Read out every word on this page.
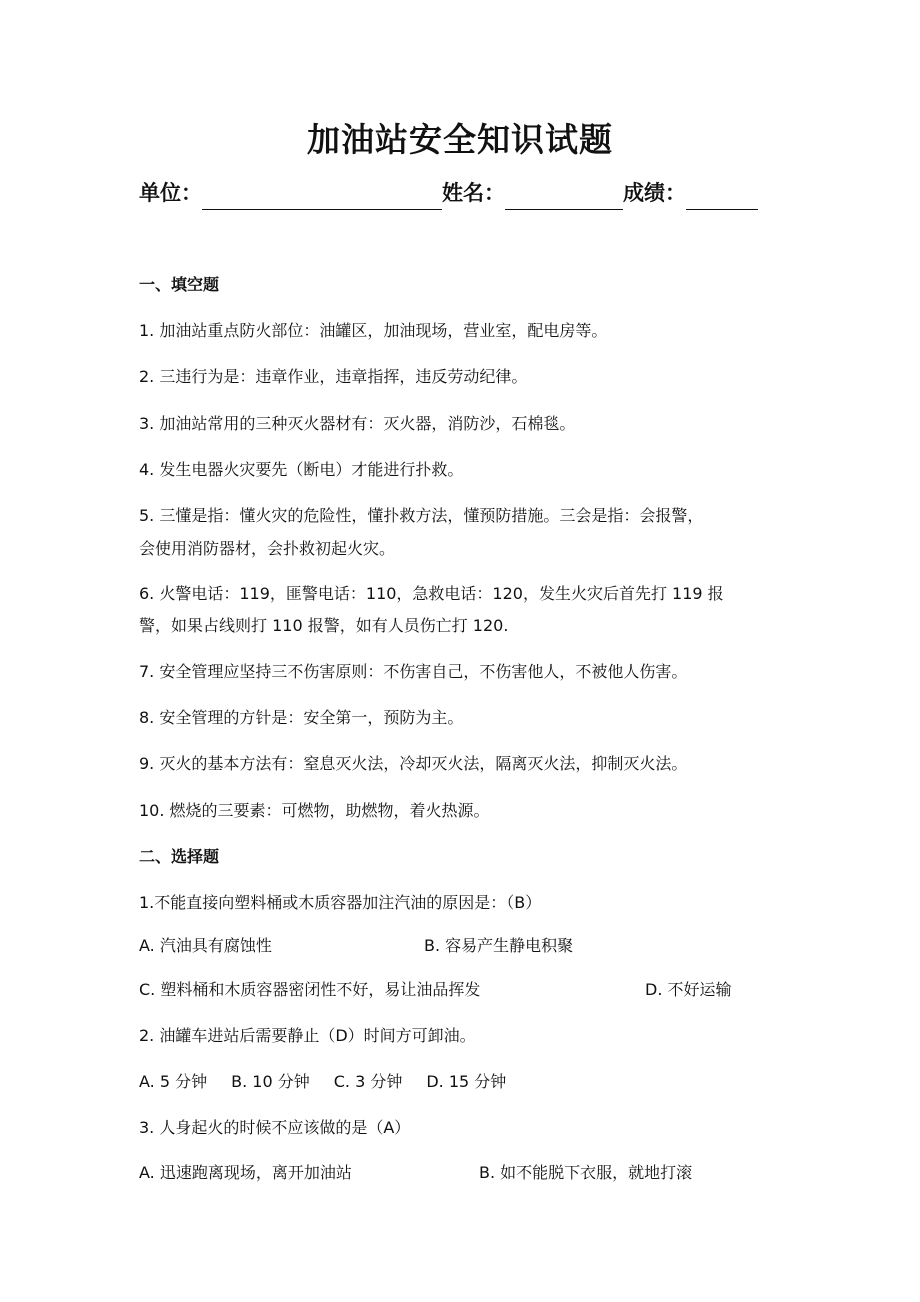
加油站安全知识试题
单位：	姓名：	成绩：
一、填空题
1. 加油站重点防火部位：油罐区，加油现场，营业室，配电房等。
2. 三违行为是：违章作业，违章指挥，违反劳动纪律。
3. 加油站常用的三种灭火器材有：灭火器，消防沙，石棉毯。
4. 发生电器火灾要先（断电）才能进行扑救。
5. 三懂是指：懂火灾的危险性，懂扑救方法，懂预防措施。三会是指：会报警，
会使用消防器材，会扑救初起火灾。
6. 火警电话：119，匪警电话：110，急救电话：120，发生火灾后首先打 119 报
警，如果占线则打 110 报警，如有人员伤亡打 120.
7. 安全管理应坚持三不伤害原则：不伤害自己，不伤害他人，不被他人伤害。
8. 安全管理的方针是：安全第一，预防为主。
9. 灭火的基本方法有：窒息灭火法，冷却灭火法，隔离灭火法，抑制灭火法。
10. 燃烧的三要素：可燃物，助燃物，着火热源。
二、选择题
1.不能直接向塑料桶或木质容器加注汽油的原因是：（B）
A. 汽油具有腐蚀性	B. 容易产生静电积聚
C. 塑料桶和木质容器密闭性不好，易让油品挥发	D. 不好运输
2. 油罐车进站后需要静止（D）时间方可卸油。
A. 5 分钟 B. 10 分钟 C. 3 分钟 D. 15 分钟
3. 人身起火的时候不应该做的是（A）
A. 迅速跑离现场，离开加油站	B. 如不能脱下衣服，就地打滚
